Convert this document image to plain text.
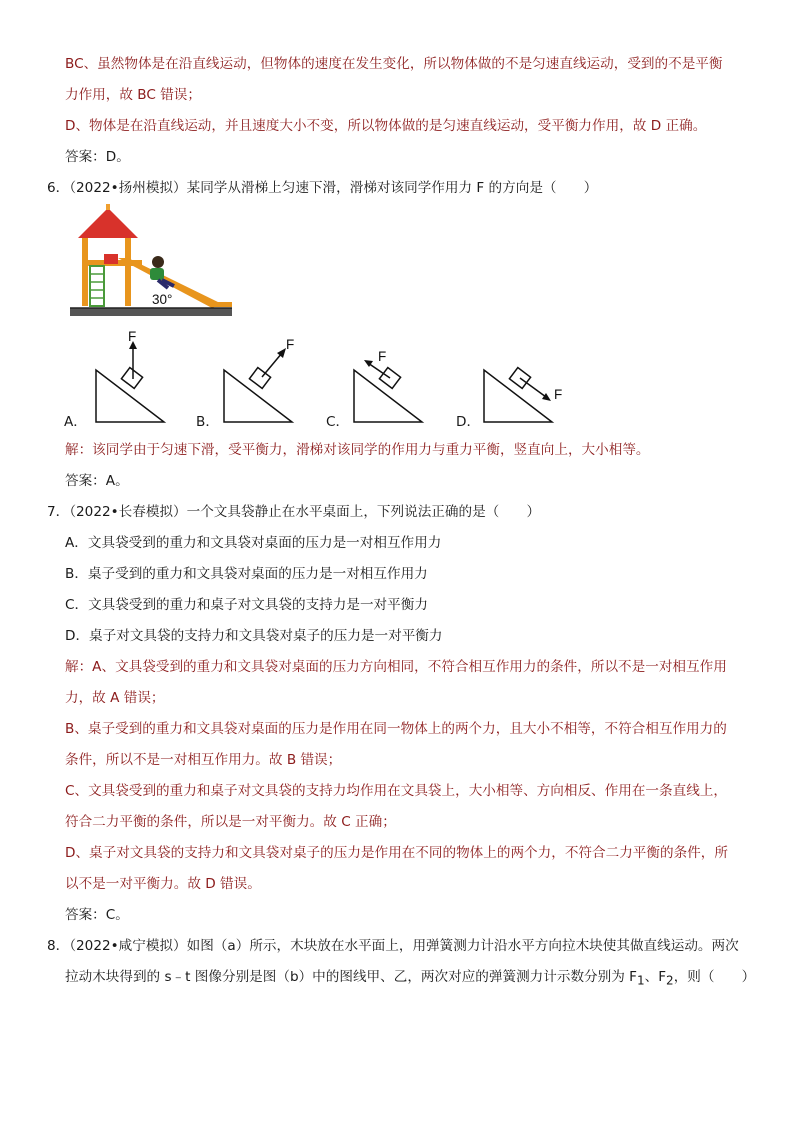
BC、虽然物体是在沿直线运动，但物体的速度在发生变化，所以物体做的不是匀速直线运动，受到的不是平衡
力作用，故 BC 错误；
D、物体是在沿直线运动，并且速度大小不变，所以物体做的是匀速直线运动，受平衡力作用，故 D 正确。
答案：D。
6．（2022•扬州模拟）某同学从滑梯上匀速下滑，滑梯对该同学作用力 F 的方向是（　　）
30°
F
A．
F
B．
F
C．
F
D．
解：该同学由于匀速下滑，受平衡力，滑梯对该同学的作用力与重力平衡，竖直向上，大小相等。
答案：A。
7．（2022•长春模拟）一个文具袋静止在水平桌面上，下列说法正确的是（　　）
A．文具袋受到的重力和文具袋对桌面的压力是一对相互作用力
B．桌子受到的重力和文具袋对桌面的压力是一对相互作用力
C．文具袋受到的重力和桌子对文具袋的支持力是一对平衡力
D．桌子对文具袋的支持力和文具袋对桌子的压力是一对平衡力
解：A、文具袋受到的重力和文具袋对桌面的压力方向相同，不符合相互作用力的条件，所以不是一对相互作用
力，故 A 错误；
B、桌子受到的重力和文具袋对桌面的压力是作用在同一物体上的两个力，且大小不相等，不符合相互作用力的
条件，所以不是一对相互作用力。故 B 错误；
C、文具袋受到的重力和桌子对文具袋的支持力均作用在文具袋上，大小相等、方向相反、作用在一条直线上，
符合二力平衡的条件，所以是一对平衡力。故 C 正确；
D、桌子对文具袋的支持力和文具袋对桌子的压力是作用在不同的物体上的两个力，不符合二力平衡的条件，所
以不是一对平衡力。故 D 错误。
答案：C。
8．（2022•咸宁模拟）如图（a）所示，木块放在水平面上，用弹簧测力计沿水平方向拉木块使其做直线运动。两次
拉动木块得到的 s﹣t 图像分别是图（b）中的图线甲、乙，两次对应的弹簧测力计示数分别为 $F_1$、$F_2$，则（　　）
